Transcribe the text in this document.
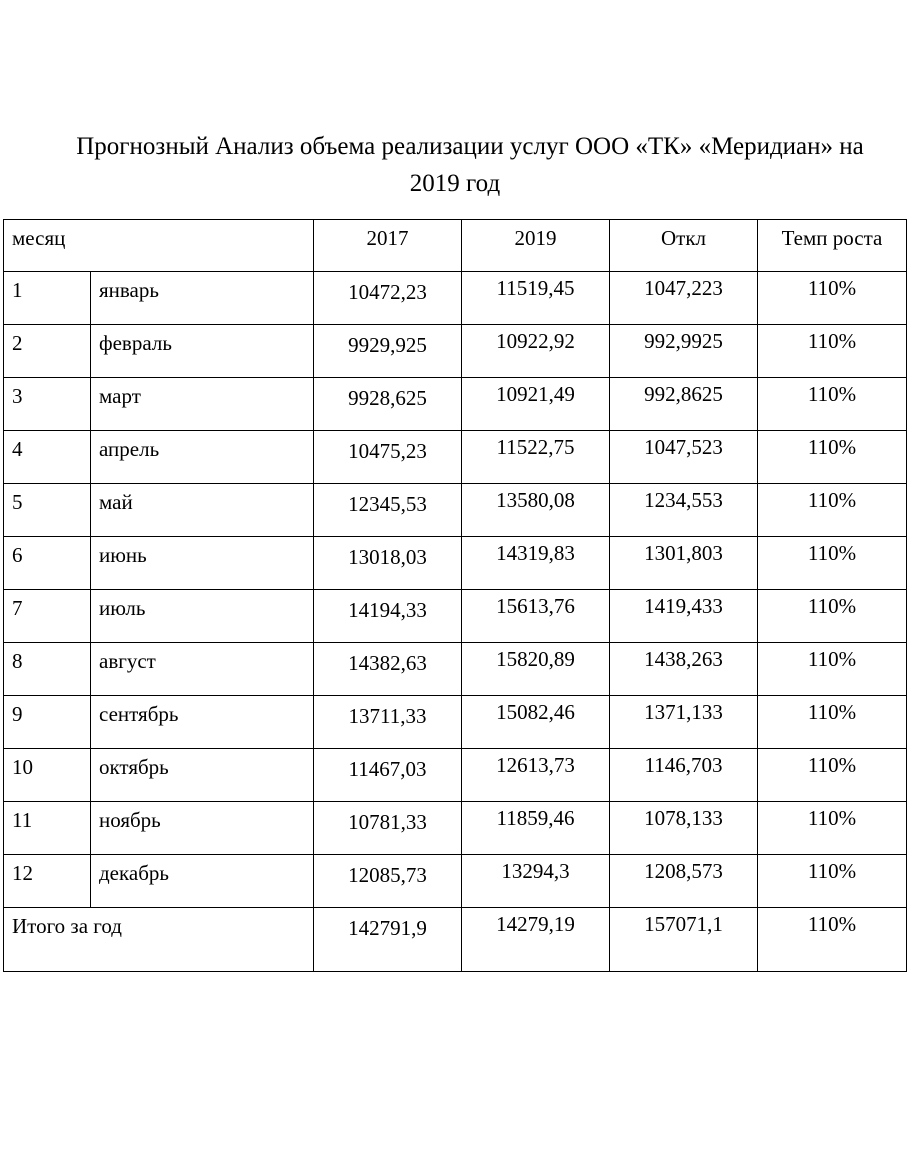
Прогнозный Анализ объема реализации услуг ООО «ТК» «Меридиан» на
2019 год
месяц		2017	2019	Откл	Темп роста

1	январь	10472,23	11519,45	1047,223	110%

2	февраль	9929,925	10922,92	992,9925	110%

3	март	9928,625	10921,49	992,8625	110%

4	апрель	10475,23	11522,75	1047,523	110%

5	май	12345,53	13580,08	1234,553	110%

6	июнь	13018,03	14319,83	1301,803	110%

7	июль	14194,33	15613,76	1419,433	110%

8	август	14382,63	15820,89	1438,263	110%

9	сентябрь	13711,33	15082,46	1371,133	110%

10	октябрь	11467,03	12613,73	1146,703	110%

11	ноябрь	10781,33	11859,46	1078,133	110%

12	декабрь	12085,73	13294,3	1208,573	110%

Итого за год		142791,9	14279,19	157071,1	110%
